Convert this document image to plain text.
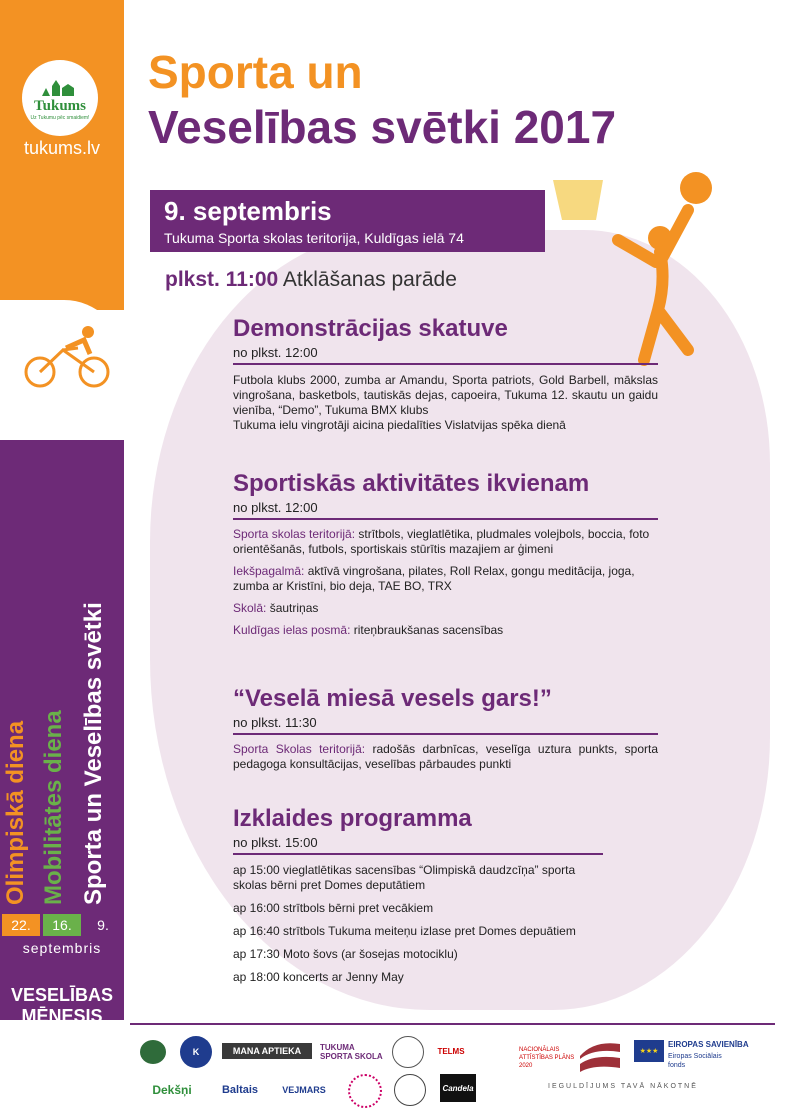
Tukums
Uz Tukumu pēc smaidiem!
tukums.lv
Olimpiskā diena Mobilitātes diena Sporta un Veselības svētki
22.	16.	9.
septembris
VESELĪBAS
MĒNESIS
Sporta un
Veselības svētki 2017
9. septembris
Tukuma Sporta skolas teritorija, Kuldīgas ielā 74
plkst. 11:00 Atklāšanas parāde
Demonstrācijas skatuve
no plkst. 12:00
Futbola klubs 2000, zumba ar Amandu, Sporta patriots, Gold Barbell, mākslas vingrošana, basketbols, tautiskās dejas, capoeira, Tukuma 12. skautu un gaidu vienība, “Demo”, Tukuma BMX klubs
Tukuma ielu vingrotāji aicina piedalīties Vislatvijas spēka dienā
Sportiskās aktivitātes ikvienam
no plkst. 12:00
Sporta skolas teritorijā: strītbols, vieglatlētika, pludmales volejbols, boccia, foto orientēšanās, futbols, sportiskais stūrītis mazajiem ar ģimeni
Iekšpagalmā: aktīvā vingrošana, pilates, Roll Relax, gongu meditācija, joga, zumba ar Kristīni, bio deja, TAE BO, TRX
Skolā: šautriņas
Kuldīgas ielas posmā: riteņbraukšanas sacensības
“Veselā miesā vesels gars!”
no plkst. 11:30
Sporta Skolas teritorijā: radošās darbnīcas, veselīga uztura punkts, sporta pedagoga konsultācijas, veselības pārbaudes punkti
Izklaides programma
no plkst. 15:00
ap 15:00 vieglatlētikas sacensības “Olimpiskā daudzcīņa” sporta skolas bērni pret Domes deputātiem
ap 16:00 strītbols bērni pret vecākiem
ap 16:40 strītbols Tukuma meiteņu izlase pret Domes depuātiem
ap 17:30 Moto šovs (ar šosejas motociklu)
ap 18:00 koncerts ar Jenny May
K	MANA APTIEKA	TUKUMA SPORTA SKOLA
TELMS
Dekšņi	Baltais	VEJMARS	Candela
NACIONĀLAIS ATTĪSTĪBAS PLĀNS 2020
★★★
EIROPAS SAVIENĪBA
Eiropas Sociālais fonds
IEGULDĪJUMS TAVĀ NĀKOTNĒ
